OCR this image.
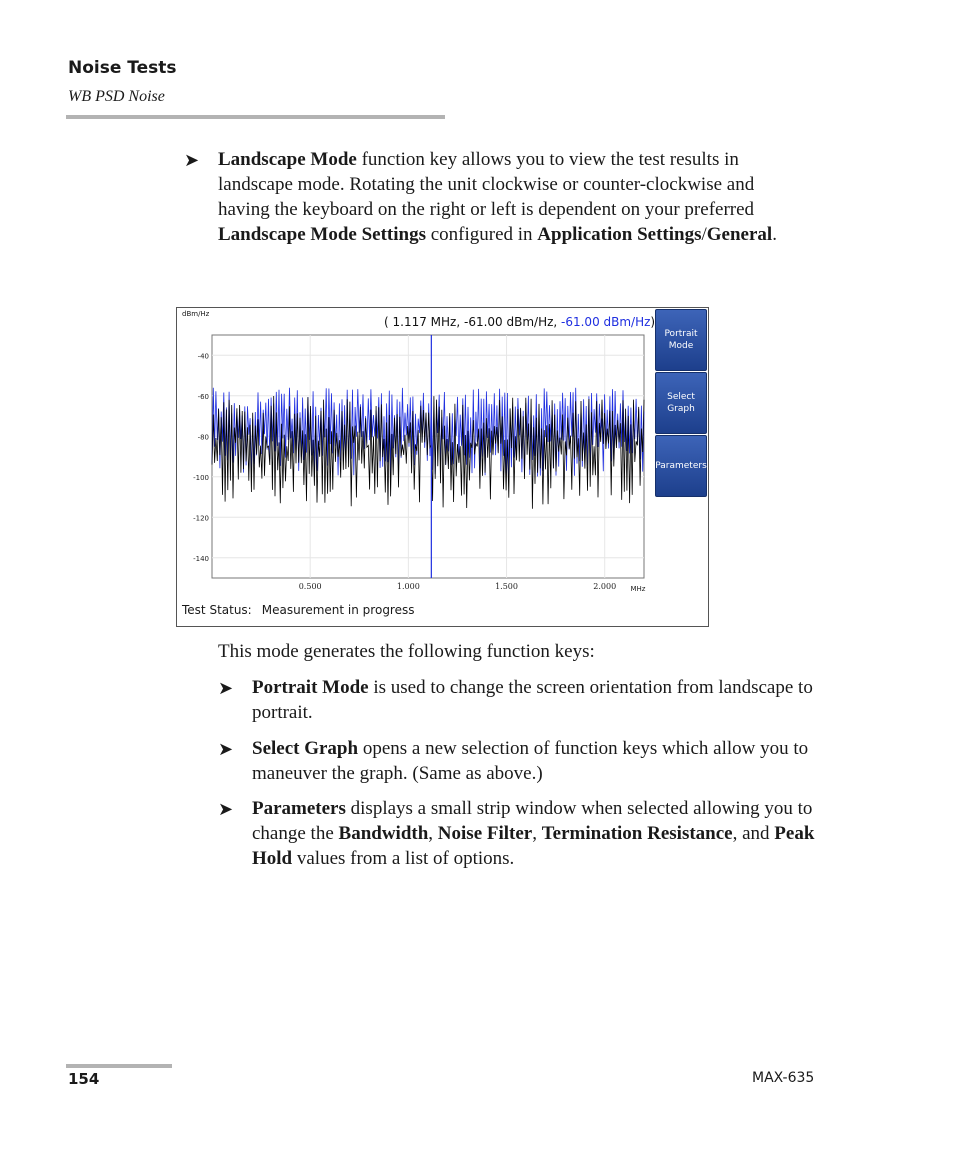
Noise Tests
WB PSD Noise
➤ Landscape Mode function key allows you to view the test results in landscape mode. Rotating the unit clockwise or counter-clockwise and having the keyboard on the right or left is dependent on your preferred Landscape Mode Settings configured in Application Settings/General.
dBm/Hz
( 1.117 MHz, -61.00 dBm/Hz, -61.00 dBm/Hz)
-40
-60
-80
-100
-120
-140
0.500	1.000	1.500	2.000 MHz
Portrait
Mode
Select
Graph
Parameters
Test Status: Measurement in progress
This mode generates the following function keys:
➤ Portrait Mode is used to change the screen orientation from landscape to portrait.
➤ Select Graph opens a new selection of function keys which allow you to maneuver the graph. (Same as above.)
➤ Parameters displays a small strip window when selected allowing you to change the Bandwidth, Noise Filter, Termination Resistance, and Peak Hold values from a list of options.
154	MAX-635
